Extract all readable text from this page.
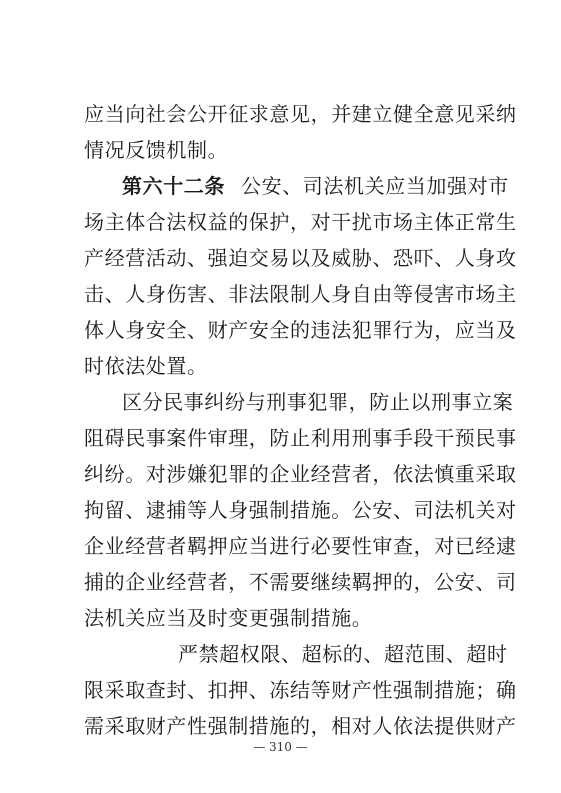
应当向社会公开征求意见，并建立健全意见采纳
情况反馈机制。
第六十二条 公安、司法机关应当加强对市
场主体合法权益的保护，对干扰市场主体正常生
产经营活动、强迫交易以及威胁、恐吓、人身攻
击、人身伤害、非法限制人身自由等侵害市场主
体人身安全、财产安全的违法犯罪行为，应当及
时依法处置。
区分民事纠纷与刑事犯罪，防止以刑事立案
阻碍民事案件审理，防止利用刑事手段干预民事
纠纷。对涉嫌犯罪的企业经营者，依法慎重采取
拘留、逮捕等人身强制措施。公安、司法机关对
企业经营者羁押应当进行必要性审查，对已经逮
捕的企业经营者，不需要继续羁押的，公安、司
法机关应当及时变更强制措施。
严禁超权限、超标的、超范围、超时
限采取查封、扣押、冻结等财产性强制措施；确
需采取财产性强制措施的，相对人依法提供财产
— 310 —
